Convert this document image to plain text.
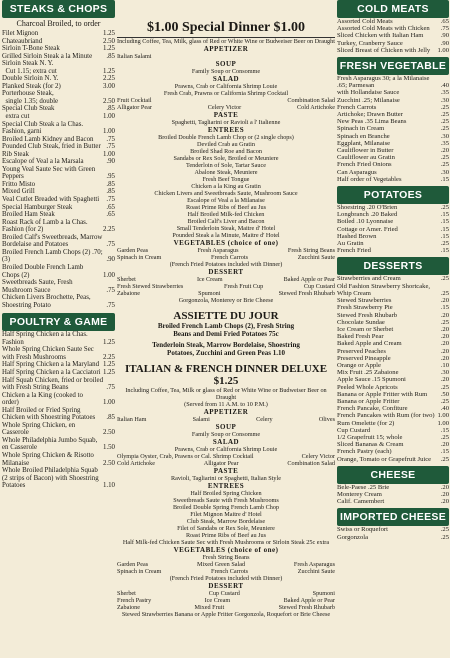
STEAKS & CHOPS
Charcoal Broiled, to order
Filet Mignon	1.25
Chateaubriand	2.50
Sirloin T-Bone Steak	1.25
Grilled Sirloin Steak a la Minute	.85
Sirloin Steak N. Y.
Cut 1.15; extra cut	1.25
Double Sirloin N. Y.	2.25
Planked Steak (for 2)	3.00
Porterhouse Steak,
single 1.35; double	2.50
Special Club Steak	.85
extra cut	1.00
Special Club Steak a la Chas. Fashion, garni	1.00
Broiled Lamb Kidney and Bacon	.75
Pounded Club Steak, fried in Butter .75
Rib Steak	1.00
Escalope of Veal a la Marsala	.90
Young Veal Saute Sec with Green Peppers	.95
Fritto Misto	.85
Mixed Grill	.85
Veal Cutlet Breaded with Spaghetti	.75
Special Hamburger Steak	.65
Broiled Ham Steak	.65
Roast Rack of Lamb a la Chas. Fashion (for 2)	2.25
Broiled Calf's Sweetbreads, Marrow Bordelaise and Potatoes	.75
Broiled French Lamb Chops (2) .70; (3)	.90
Broiled Double French Lamb Chops (2)	1.00
Sweetbreads Saute, Fresh Mushroom Sauce	.75
Chicken Livers Brochette, Peas, Shoestring Potato	.75
POULTRY & GAME
Half Spring Chicken a la Chas. Fashion	1.25
Whole Spring Chicken Saute Sec with Fresh Mushrooms	2.25
Half Spring Chicken a la Maryland 1.25
Half Spring Chicken a la Cacciatori 1.25
Half Squab Chicken, fried or broiled with Fresh String Beans	.75
Chicken a la King (cooked to order)	1.00
Half Broiled or Fried Spring Chicken with Shoestring Potatoes	.85
Whole Spring Chicken, en Casserole	2.50
Whole Philadelphia Jumbo Squab, en Casserole	1.50
Whole Spring Chicken & Risotto Milanaise	2.50
Whole Broiled Philadelphia Squab (2 strips of Bacon) with Shoestring Potatoes	1.10
$1.00 Special Dinner $1.00
Including Coffee, Tea, Milk, glass of Red or White Wine or Budweiser Beer on Draught
APPETIZER
Italian Salami
SOUP
Family Soup or Consomme
SALAD
Prawns, Crab or California Shrimp Louie
Fresh Crab, Prawns or California Shrimp Cocktail
Fruit Cocktail	Combination Salad
Alligator Pear	Celery Victor	Cold Artichoke
PASTE
Spaghetti, Tagliarini or Ravioli a l' Italienne
ENTREES
Broiled Double French Lamb Chop or (2 single chops)
Deviled Crab au Gratin
Broiled Shad Roe and Bacon
Sandabs or Rex Sole, Broiled or Meuniere
Tenderloin of Sole, Tartar Sauce
Abalone Steak, Meuniere
Fresh Beef Tongue
Chicken a la King au Gratin
Chicken Livers and Sweetbreads Saute, Mushroom Sauce
Escalope of Veal a la Milanaise
Roast Prime Ribs of Beef au Jus
Half Broiled Milk-fed Chicken
Broiled Calf's Liver and Bacon
Small Tenderloin Steak, Maitre d' Hotel
Pounded Steak a la Minute, Maitre d' Hotel
VEGETABLES (choice of one)
Garden Peas	Fresh Asparagus	Fresh String Beans
Spinach in Cream	French Carrots	Zucchini Saute
(French Fried Potatoes included with Dinner)
DESSERT
Sherbet	Ice Cream	Baked Apple or Pear
Fresh Stewed Strawberries	Fresh Fruit Cup	Cup Custard
Zabaione	Spumoni	Stewed Fresh Rhubarb
Gorgonzola, Monterey or Brie Cheese
ASSIETTE DU JOUR
Broiled French Lamb Chops (2), Fresh String
Beans and Demi Fried Potatoes 75c
Tenderloin Steak, Marrow Bordelaise, Shoestring
Potatoes, Zucchini and Green Peas 1.10
ITALIAN & FRENCH DINNER DELUXE $1.25
Including Coffee, Tea, Milk or glass of Red or White Wine or Budweiser Beer on Draught
(Served from 11 A.M. to 10 P.M.)
APPETIZER
Italian Ham	Salami	Celery	Olives
SOUP
Family Soup or Consomme
SALAD
Prawns, Crab or California Shrimp Louie
Olympia Oyster, Crab, Prawns or Cal. Shrimp Cocktail	Celery Victor
Cold Artichoke	Alligator Pear	Combination Salad
PASTE
Ravioli, Tagliarini or Spaghetti, Italian Style
ENTREES
Half Broiled Spring Chicken
Sweetbreads Saute with Fresh Mushrooms
Broiled Double Spring French Lamb Chop
Filet Mignon Maitre d' Hotel
Club Steak, Marrow Bordelaise
Filet of Sandabs or Rex Sole, Meuniere
Roast Prime Ribs of Beef au Jus
Half Milk-fed Chicken Saute Sec with Fresh Mushrooms or Sirloin Steak 25c extra
VEGETABLES (choice of one)
Fresh String Beans
Garden Peas	Mixed Green Salad	Fresh Asparagus
Spinach in Cream	French Carrots	Zucchini Saute
(French Fried Potatoes included with Dinner)
DESSERT
Sherbet	Cup Custard	Spumoni
French Pastry	Ice Cream	Baked Apple or Pear
Zabaione	Mixed Fruit	Stewed Fresh Rhubarb
Stewed Strawberries Banana or Apple Fritter Gorgonzola, Roquefort or Brie Cheese
COLD MEATS
Assorted Cold Meats	.65
Assorted Cold Meats with Chicken	.75
Sliced Chicken with Italian Ham	.90
Turkey, Cranberry Sauce	.90
Sliced Breast of Chicken with Jelly	1.00
FRESH VEGETABLE
Fresh Asparagus 30; a la Milanaise .65; Parmesan	.40
with Hollandaise Sauce	.35
Zucchini .25; Milanaise	.30
French Carrots	.25
Artichoke; Drawn Butter	.25
New Peas .35 Lima Beans	.25
Spinach in Cream	.25
Spinach en Branche	.30
Eggplant, Milanaise	.35
Cauliflower in Butter	.20
Cauliflower au Gratin	.25
French Fried Onions	.25
Can Asparagus	.30
Half order of Vegetables	.15
POTATOES
Shoestring .20 O'Brien	.25
Longbranch .20 Baked	.15
Boiled .10 Lyonnaise	.15
Cottage or Amer. Fried	.15
Hashed Brown	.15
Au Gratin	.25
French Fried	.15
DESSERTS
Strawberries and Cream	.25
Old Fashion Strawberry Shortcake, Whip Cream	.25
Stewed Strawberries	.20
Fresh Strawberry Pie	.15
Stewed Fresh Rhubarb	.20
Chocolate Sundae	.25
Ice Cream or Sherbet	.20
Baked Fresh Pear	.20
Baked Apple and Cream	.20
Preserved Peaches	.20
Preserved Pineapple	.20
Orange or Apple	.10
Mix Fruit .25 Zabaione	.30
Apple Sauce .15 Spumoni	.20
Peeled Whole Apricots	.25
Banana or Apple Fritter with Rum	.50
Banana or Apple Fritter	.25
French Pancake, Confiture	.40
French Pancakes with Rum (for two) 1.00
Rum Omelette (for 2)	1.00
Cup Custard	.15
1/2 Grapefruit 15; whole	.25
Sliced Bananas & Cream	.20
French Pastry (each)	.15
Orange, Tomato or Grapefruit Juice	.25
CHEESE
Bele-Paese .25 Brie	.20
Monterey Cream	.20
Calif. Camembert	.20
IMPORTED CHEESE
Swiss or Roquefort	.25
Gorgonzola	.25
